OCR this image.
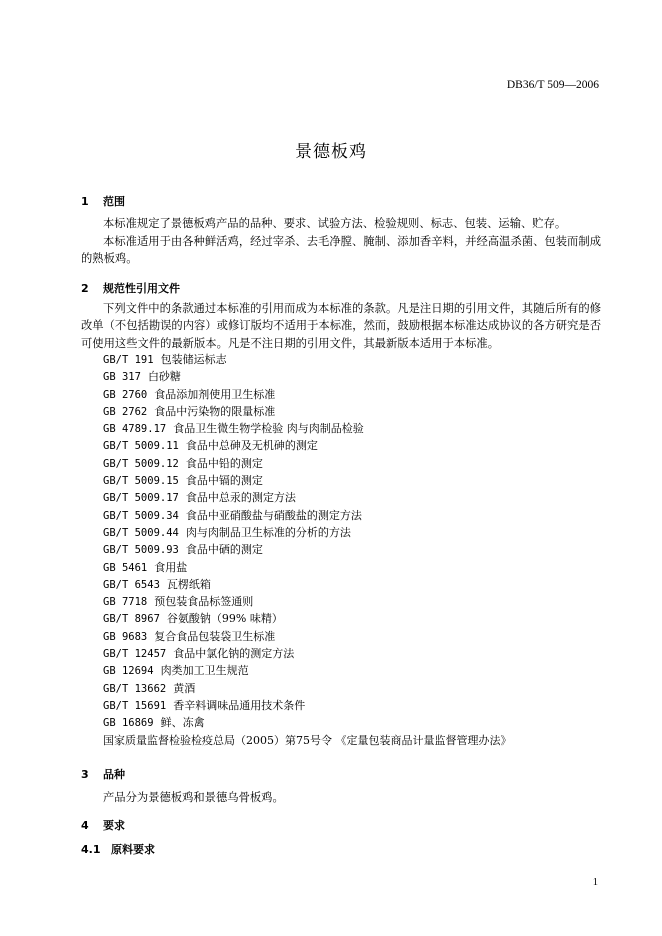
DB36/T 509—2006
景德板鸡
1 范围
本标准规定了景德板鸡产品的品种、要求、试验方法、检验规则、标志、包装、运输、贮存。
本标准适用于由各种鲜活鸡，经过宰杀、去毛净膛、腌制、添加香辛料，并经高温杀菌、包装而制成的熟板鸡。
2 规范性引用文件
下列文件中的条款通过本标准的引用而成为本标准的条款。凡是注日期的引用文件，其随后所有的修改单（不包括勘误的内容）或修订版均不适用于本标准，然而，鼓励根据本标准达成协议的各方研究是否可使用这些文件的最新版本。凡是不注日期的引用文件，其最新版本适用于本标准。
GB/T 191 包装储运标志
GB 317 白砂糖
GB 2760 食品添加剂使用卫生标准
GB 2762 食品中污染物的限量标准
GB 4789.17 食品卫生微生物学检验 肉与肉制品检验
GB/T 5009.11 食品中总砷及无机砷的测定
GB/T 5009.12 食品中铅的测定
GB/T 5009.15 食品中镉的测定
GB/T 5009.17 食品中总汞的测定方法
GB/T 5009.34 食品中亚硝酸盐与硝酸盐的测定方法
GB/T 5009.44 肉与肉制品卫生标准的分析的方法
GB/T 5009.93 食品中硒的测定
GB 5461 食用盐
GB/T 6543 瓦楞纸箱
GB 7718 预包装食品标签通则
GB/T 8967 谷氨酸钠（99% 味精）
GB 9683 复合食品包装袋卫生标准
GB/T 12457 食品中氯化钠的测定方法
GB 12694 肉类加工卫生规范
GB/T 13662 黄酒
GB/T 15691 香辛料调味品通用技术条件
GB 16869 鲜、冻禽
国家质量监督检验检疫总局（2005）第75号令 《定量包装商品计量监督管理办法》
3 品种
产品分为景德板鸡和景德乌骨板鸡。
4 要求
4.1 原料要求
1
